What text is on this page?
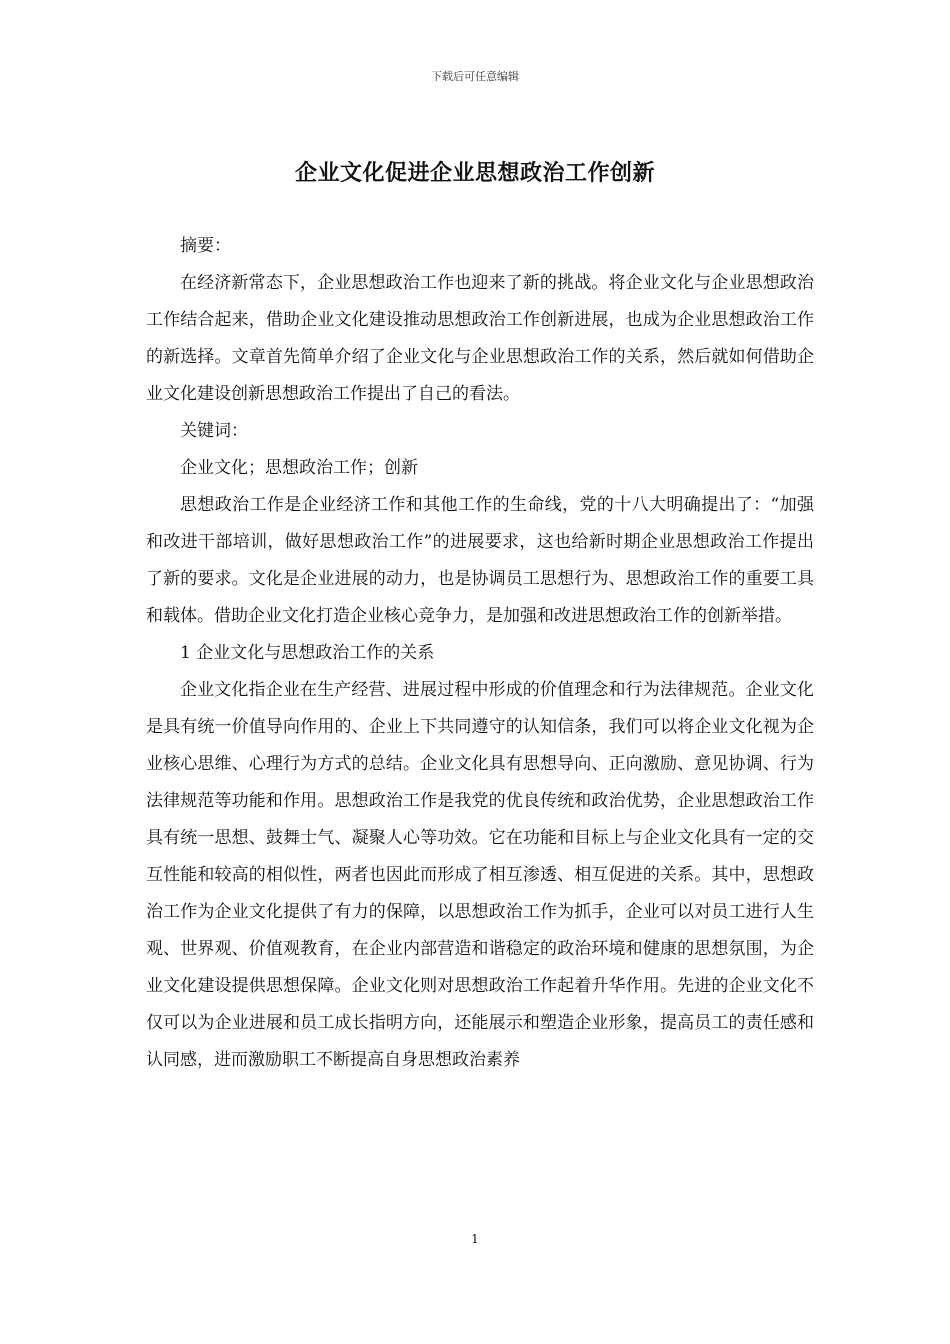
下载后可任意编辑
企业文化促进企业思想政治工作创新

摘要：

在经济新常态下，企业思想政治工作也迎来了新的挑战。将企业文化与企业思想政治工作结合起来，借助企业文化建设推动思想政治工作创新进展，也成为企业思想政治工作的新选择。文章首先简单介绍了企业文化与企业思想政治工作的关系，然后就如何借助企业文化建设创新思想政治工作提出了自己的看法。

关键词：

企业文化；思想政治工作；创新

思想政治工作是企业经济工作和其他工作的生命线，党的十八大明确提出了：“加强和改进干部培训，做好思想政治工作”的进展要求，这也给新时期企业思想政治工作提出了新的要求。文化是企业进展的动力，也是协调员工思想行为、思想政治工作的重要工具和载体。借助企业文化打造企业核心竞争力，是加强和改进思想政治工作的创新举措。

1 企业文化与思想政治工作的关系

企业文化指企业在生产经营、进展过程中形成的价值理念和行为法律规范。企业文化是具有统一价值导向作用的、企业上下共同遵守的认知信条，我们可以将企业文化视为企业核心思维、心理行为方式的总结。企业文化具有思想导向、正向激励、意见协调、行为法律规范等功能和作用。思想政治工作是我党的优良传统和政治优势，企业思想政治工作具有统一思想、鼓舞士气、凝聚人心等功效。它在功能和目标上与企业文化具有一定的交互性能和较高的相似性，两者也因此而形成了相互渗透、相互促进的关系。其中，思想政治工作为企业文化提供了有力的保障，以思想政治工作为抓手，企业可以对员工进行人生观、世界观、价值观教育，在企业内部营造和谐稳定的政治环境和健康的思想氛围，为企业文化建设提供思想保障。企业文化则对思想政治工作起着升华作用。先进的企业文化不仅可以为企业进展和员工成长指明方向，还能展示和塑造企业形象，提高员工的责任感和认同感，进而激励职工不断提高自身思想政治素养

1
